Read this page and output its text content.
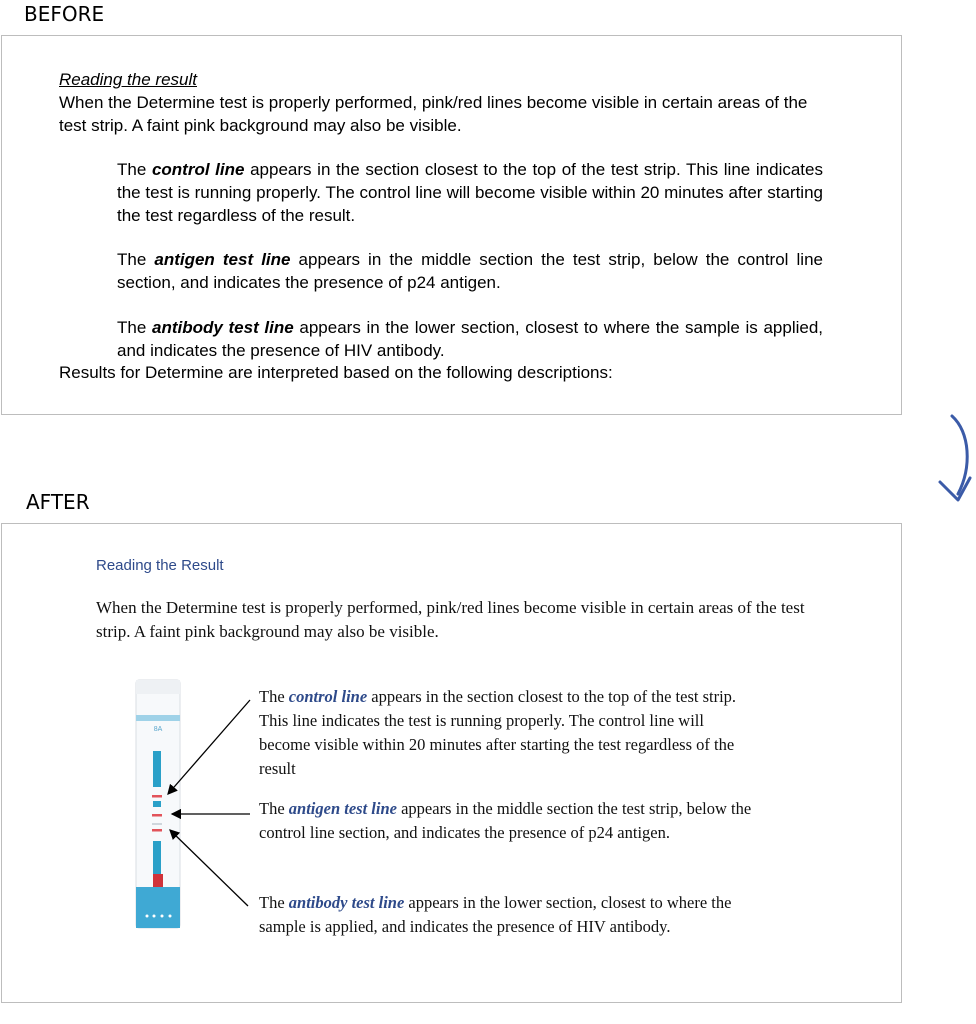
BEFORE
Reading the result
When the Determine test is properly performed, pink/red lines become visible in certain areas of the test strip. A faint pink background may also be visible.
The control line appears in the section closest to the top of the test strip. This line indicates the test is running properly. The control line will become visible within 20 minutes after starting the test regardless of the result.
The antigen test line appears in the middle section the test strip, below the control line section, and indicates the presence of p24 antigen.
The antibody test line appears in the lower section, closest to where the sample is applied, and indicates the presence of HIV antibody.
Results for Determine are interpreted based on the following descriptions:
AFTER
Reading the Result
When the Determine test is properly performed, pink/red lines become visible in certain areas of the test strip. A faint pink background may also be visible.
8A
The control line appears in the section closest to the top of the test strip. This line indicates the test is running properly. The control line will become visible within 20 minutes after starting the test regardless of the result
The antigen test line appears in the middle section the test strip, below the control line section, and indicates the presence of p24 antigen.
The antibody test line appears in the lower section, closest to where the sample is applied, and indicates the presence of HIV antibody.
